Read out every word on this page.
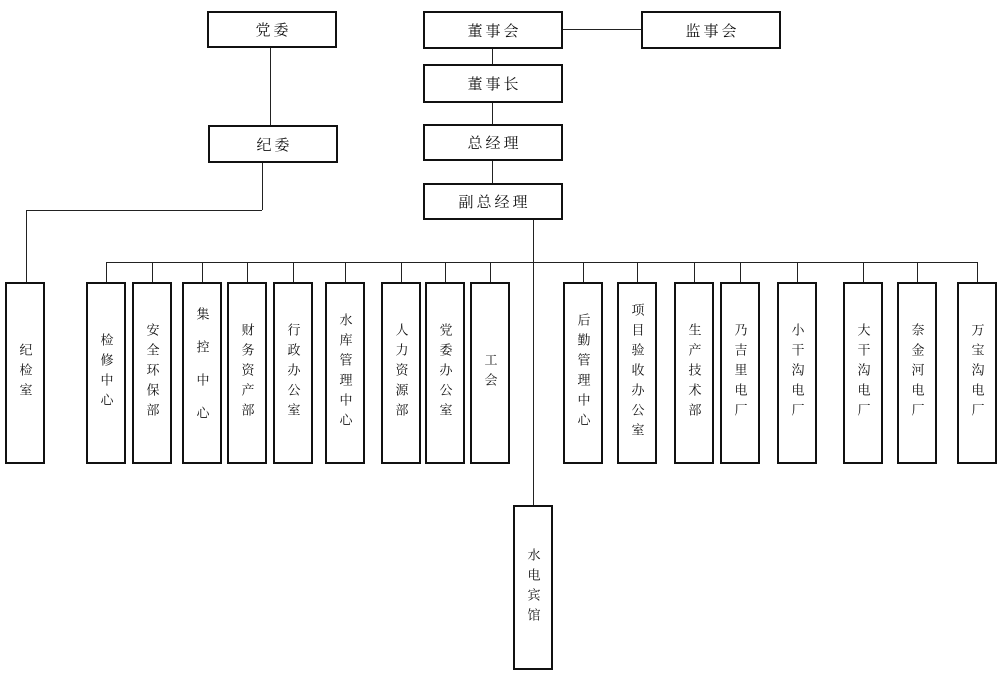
党委	董事会	监事会
董事长
总经理
副总经理
纪委
纪检室	检修中心 安全环保部	集控中心 财务资产部 行政办公室	水库管理中心	人力资源部 党委办公室 工会	后勤管理中心	项目验收办公室	生产技术部 乃吉里电厂	小干沟电厂	大干沟电厂	奈金河电厂	万宝沟电厂
水电宾馆
